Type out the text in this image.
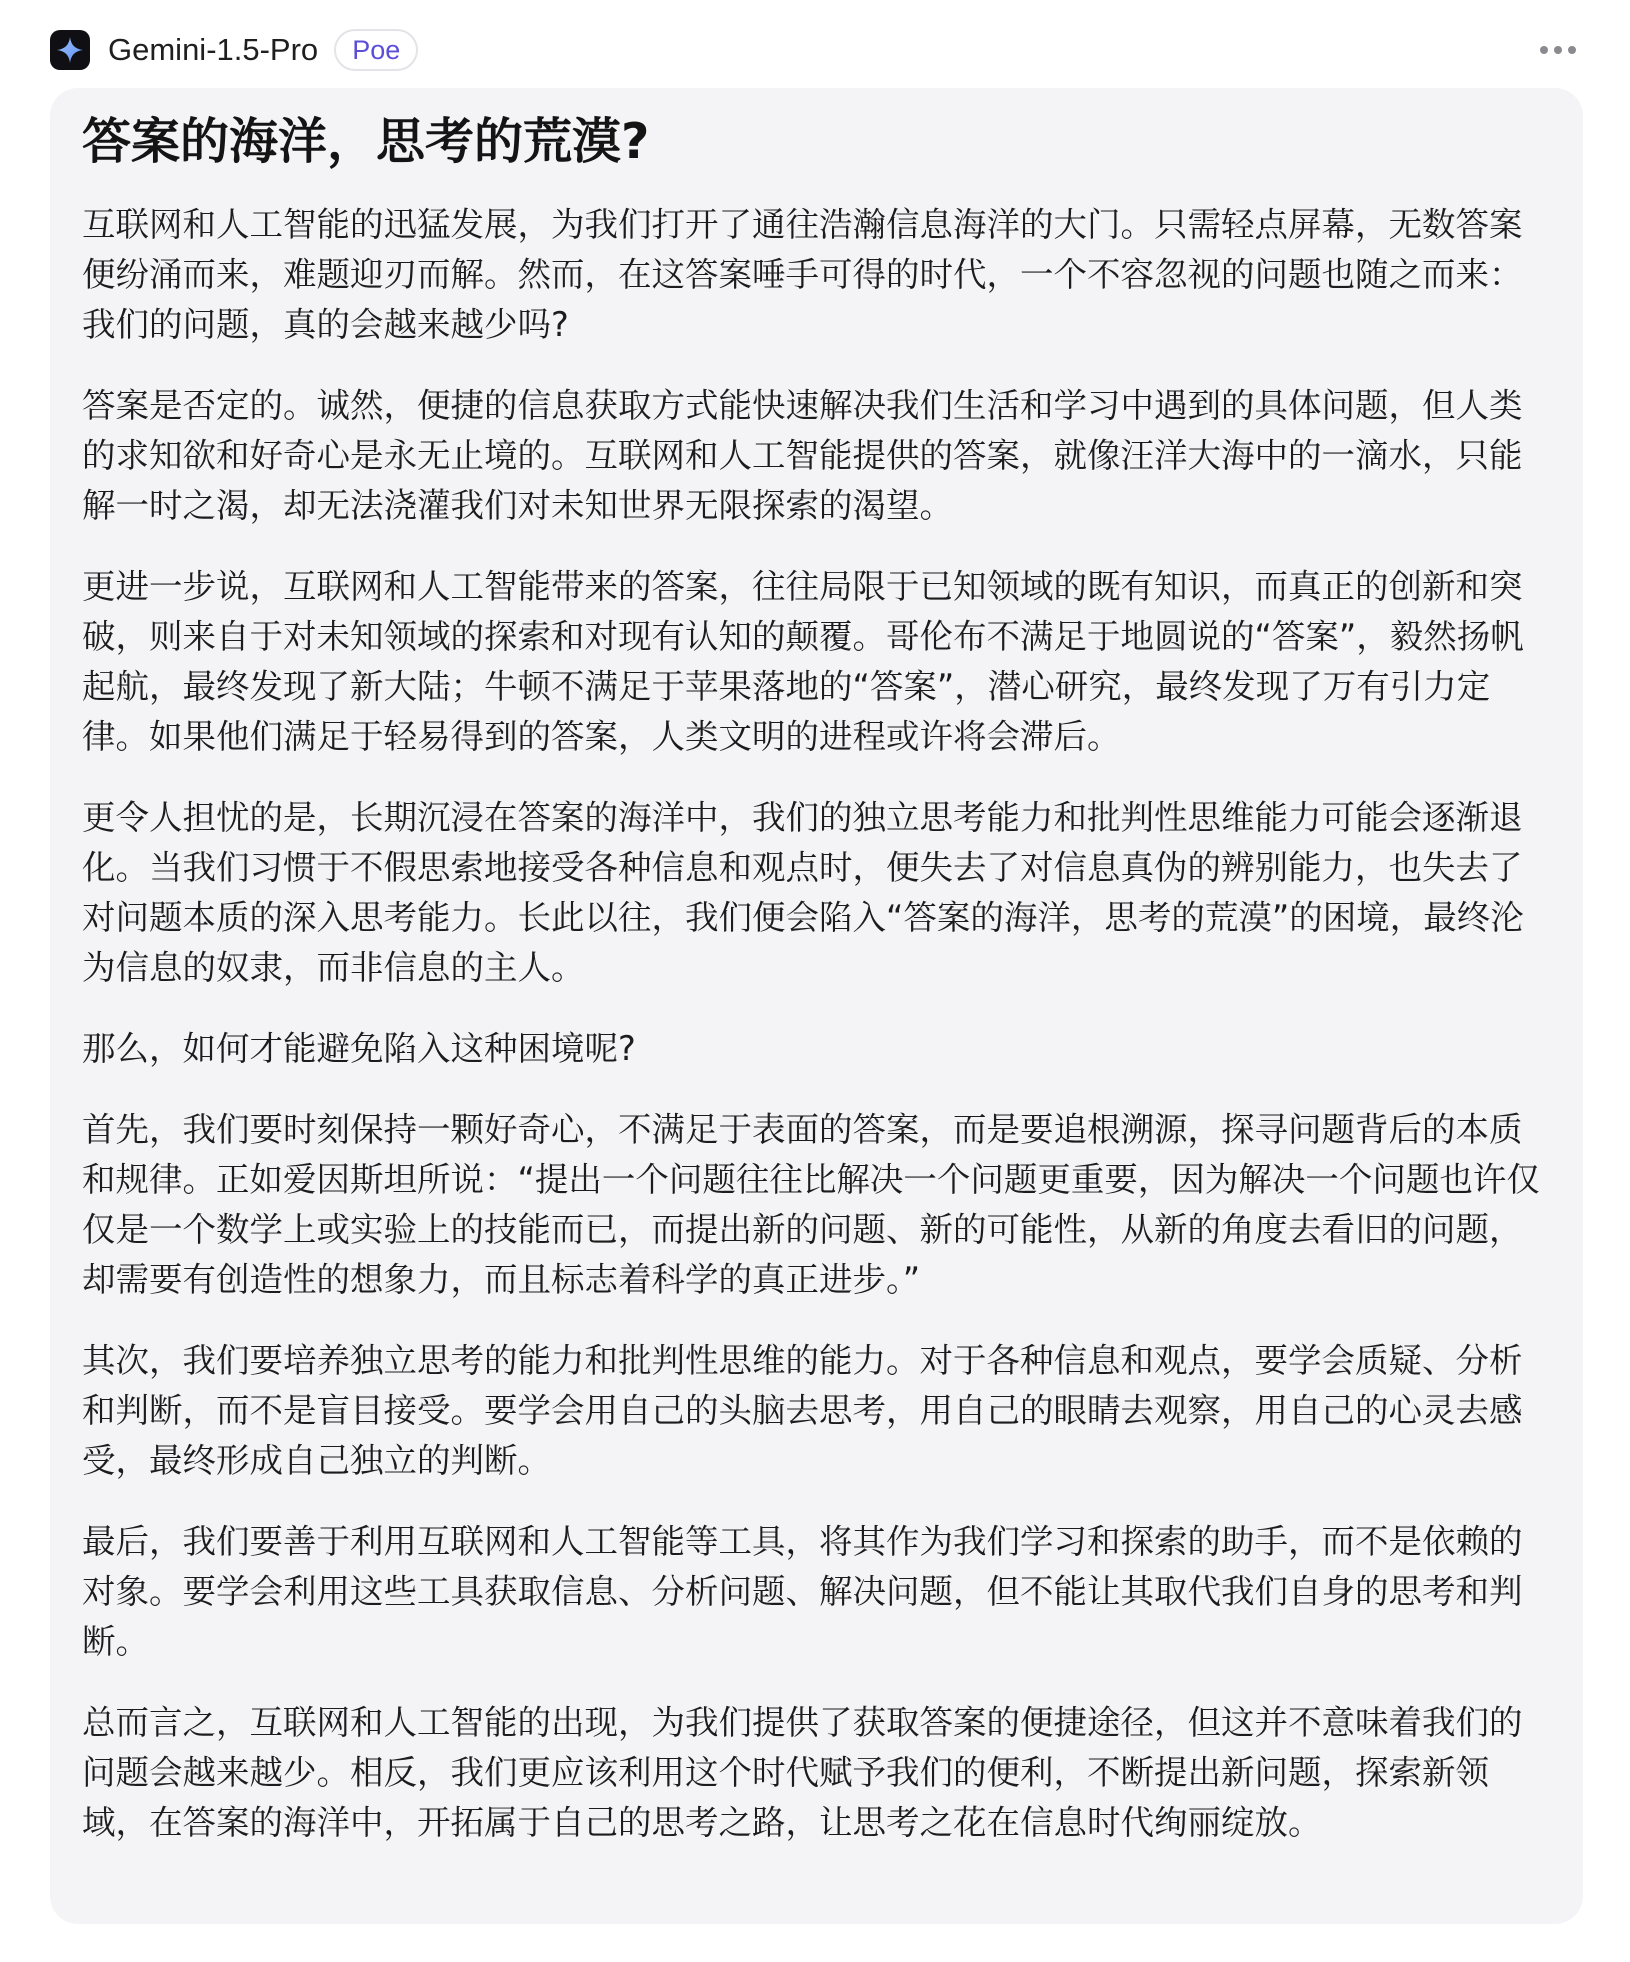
Gemini-1.5-Pro	Poe
答案的海洋，思考的荒漠?

互联网和人工智能的迅猛发展，为我们打开了通往浩瀚信息海洋的大门。只需轻点屏幕，无数答案便纷涌而来，难题迎刃而解。然而，在这答案唾手可得的时代，一个不容忽视的问题也随之而来：我们的问题，真的会越来越少吗?

答案是否定的。诚然，便捷的信息获取方式能快速解决我们生活和学习中遇到的具体问题，但人类的求知欲和好奇心是永无止境的。互联网和人工智能提供的答案，就像汪洋大海中的一滴水，只能解一时之渴，却无法浇灌我们对未知世界无限探索的渴望。

更进一步说，互联网和人工智能带来的答案，往往局限于已知领域的既有知识，而真正的创新和突破，则来自于对未知领域的探索和对现有认知的颠覆。哥伦布不满足于地圆说的“答案”，毅然扬帆起航，最终发现了新大陆；牛顿不满足于苹果落地的“答案”，潜心研究，最终发现了万有引力定律。如果他们满足于轻易得到的答案，人类文明的进程或许将会滞后。

更令人担忧的是，长期沉浸在答案的海洋中，我们的独立思考能力和批判性思维能力可能会逐渐退化。当我们习惯于不假思索地接受各种信息和观点时，便失去了对信息真伪的辨别能力，也失去了对问题本质的深入思考能力。长此以往，我们便会陷入“答案的海洋，思考的荒漠”的困境，最终沦为信息的奴隶，而非信息的主人。

那么，如何才能避免陷入这种困境呢?

首先，我们要时刻保持一颗好奇心，不满足于表面的答案，而是要追根溯源，探寻问题背后的本质和规律。正如爱因斯坦所说：“提出一个问题往往比解决一个问题更重要，因为解决一个问题也许仅仅是一个数学上或实验上的技能而已，而提出新的问题、新的可能性，从新的角度去看旧的问题，却需要有创造性的想象力，而且标志着科学的真正进步。”

其次，我们要培养独立思考的能力和批判性思维的能力。对于各种信息和观点，要学会质疑、分析和判断，而不是盲目接受。要学会用自己的头脑去思考，用自己的眼睛去观察，用自己的心灵去感受，最终形成自己独立的判断。

最后，我们要善于利用互联网和人工智能等工具，将其作为我们学习和探索的助手，而不是依赖的对象。要学会利用这些工具获取信息、分析问题、解决问题，但不能让其取代我们自身的思考和判断。

总而言之，互联网和人工智能的出现，为我们提供了获取答案的便捷途径，但这并不意味着我们的问题会越来越少。相反，我们更应该利用这个时代赋予我们的便利，不断提出新问题，探索新领域，在答案的海洋中，开拓属于自己的思考之路，让思考之花在信息时代绚丽绽放。
